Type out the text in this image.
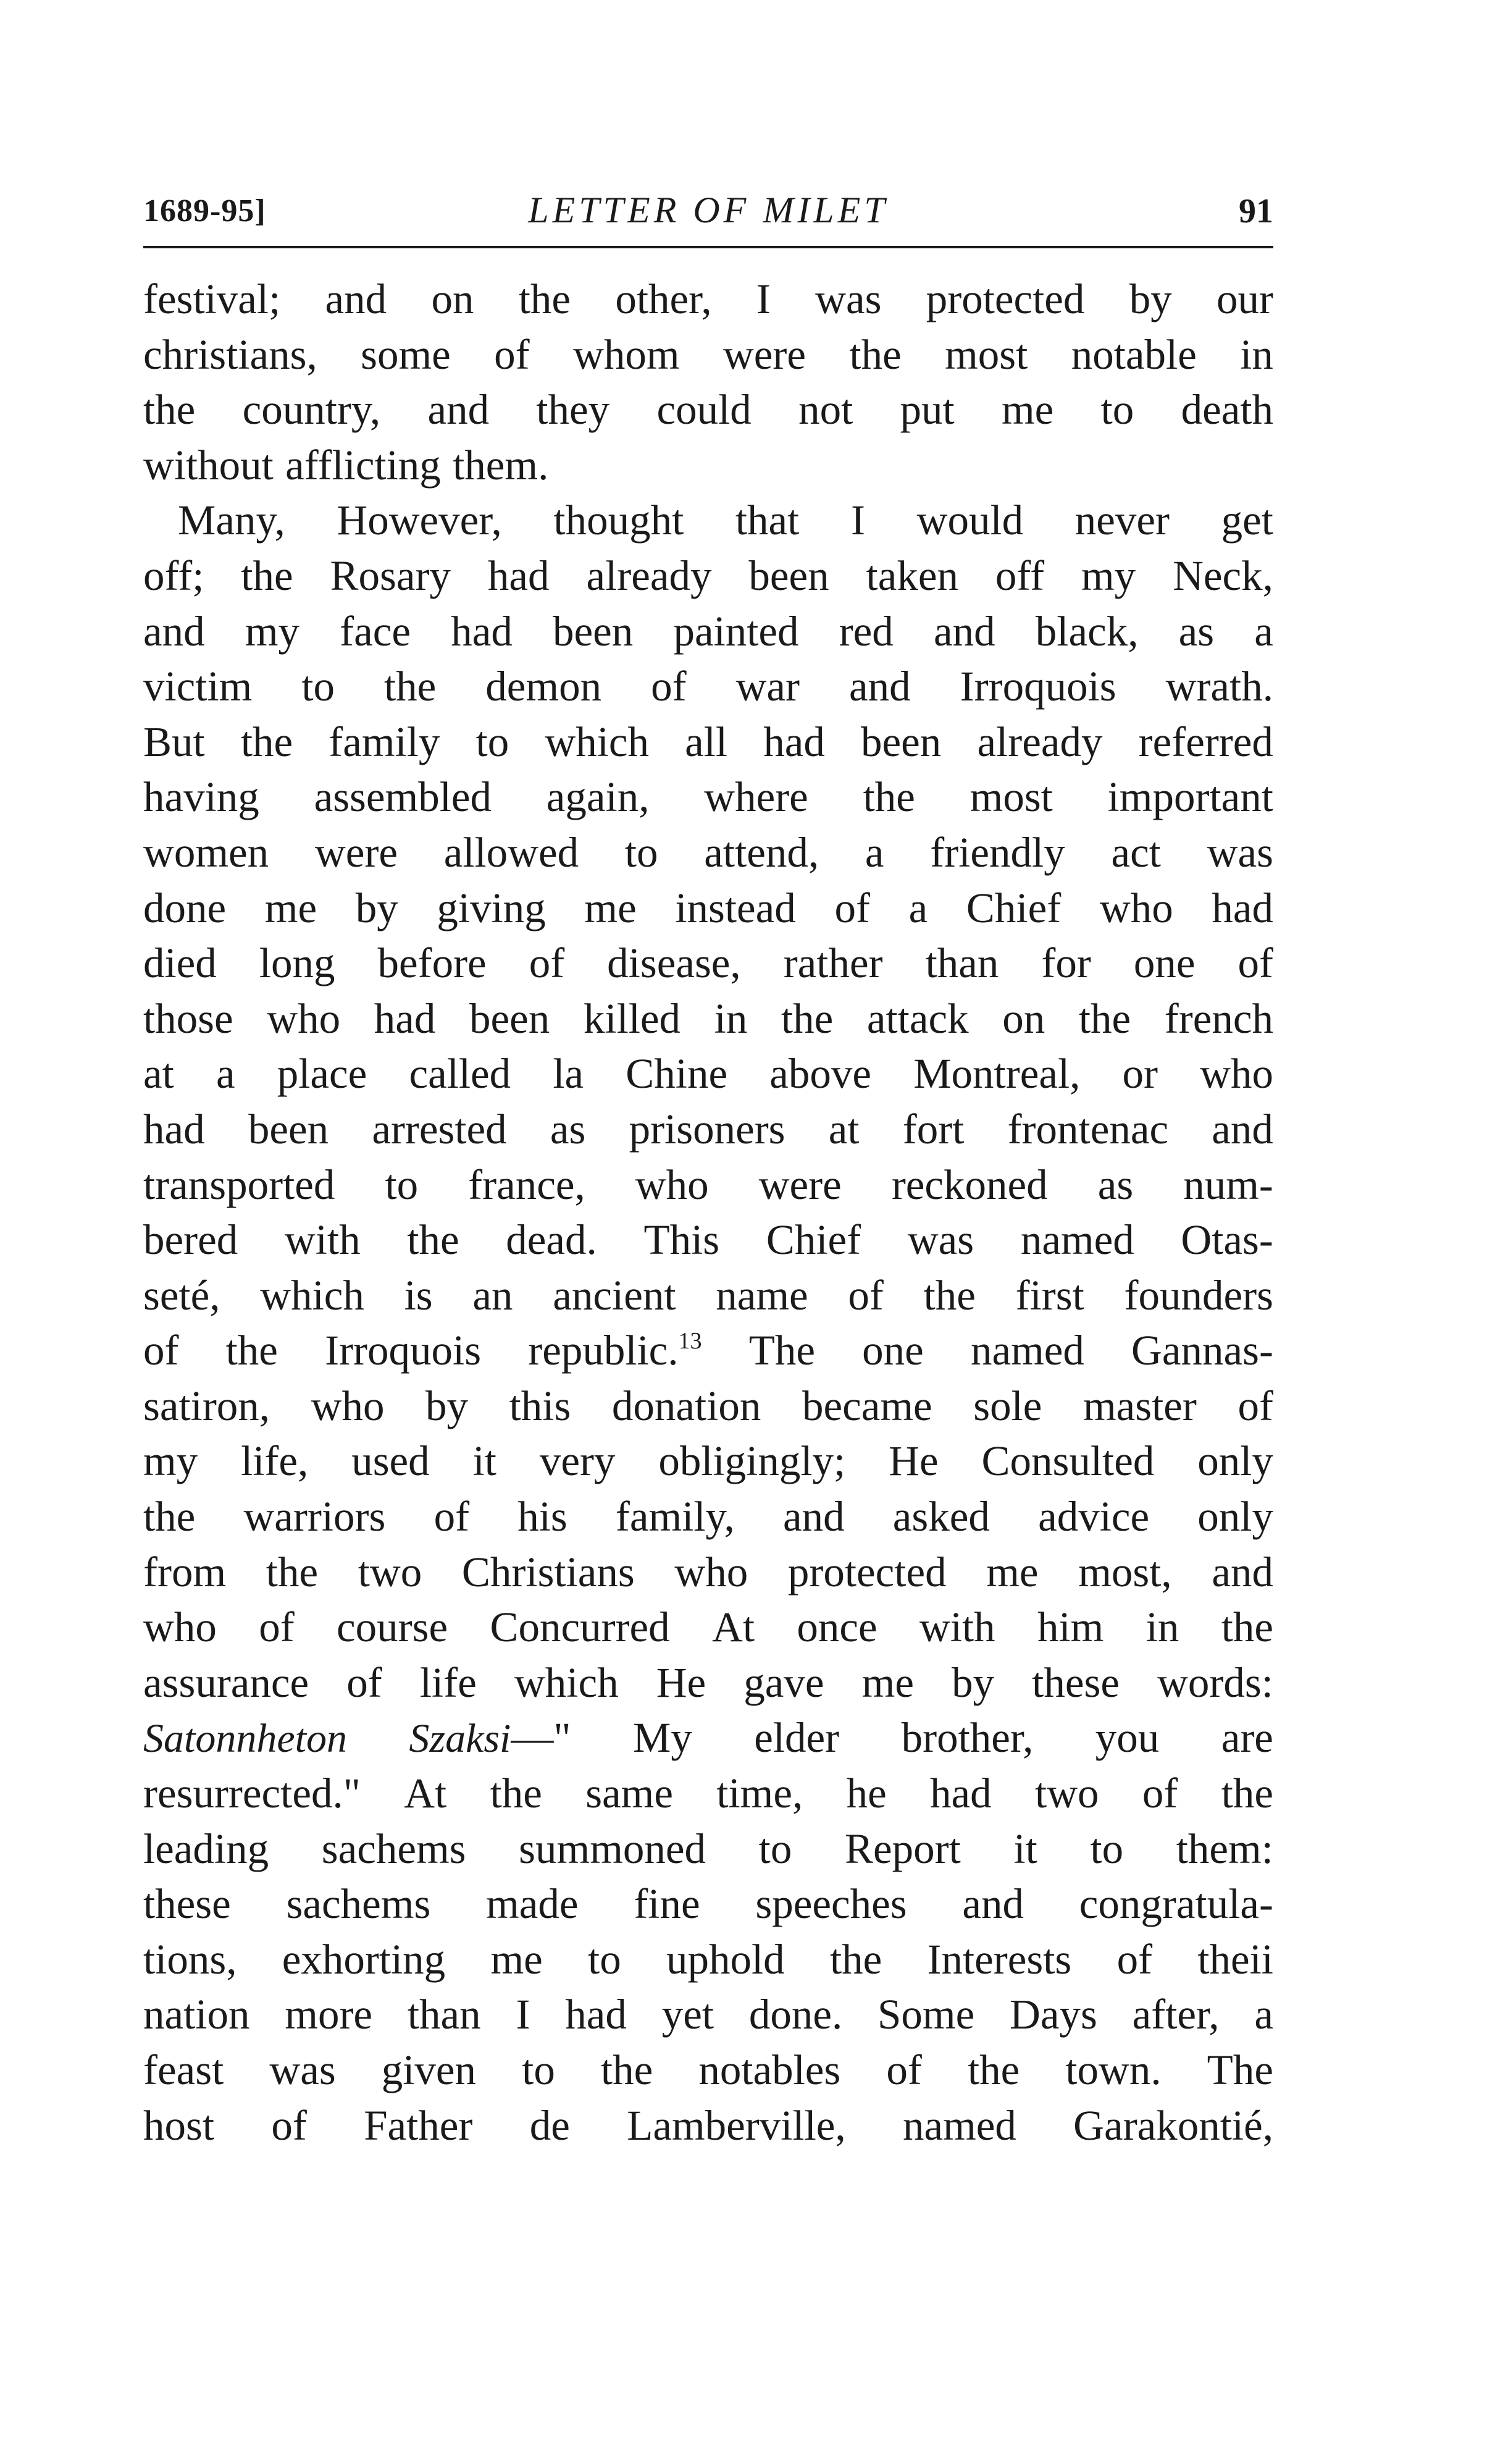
1689-95]	LETTER OF MILET	91
festival; and on the other, I was protected by our
christians, some of whom were the most notable in
the country, and they could not put me to death
without afflicting them.
Many, However, thought that I would never get
off; the Rosary had already been taken off my Neck,
and my face had been painted red and black, as a
victim to the demon of war and Irroquois wrath.
But the family to which all had been already referred
having assembled again, where the most important
women were allowed to attend, a friendly act was
done me by giving me instead of a Chief who had
died long before of disease, rather than for one of
those who had been killed in the attack on the french
at a place called la Chine above Montreal, or who
had been arrested as prisoners at fort frontenac and
transported to france, who were reckoned as num-
bered with the dead. This Chief was named Otas-
seté, which is an ancient name of the first founders
of the Irroquois republic.$^{13}$ The one named Gannas-
satiron, who by this donation became sole master of
my life, used it very obligingly; He Consulted only
the warriors of his family, and asked advice only
from the two Christians who protected me most, and
who of course Concurred At once with him in the
assurance of life which He gave me by these words:
Satonnheton Szaksi—" My elder brother, you are
resurrected." At the same time, he had two of the
leading sachems summoned to Report it to them:
these sachems made fine speeches and congratula-
tions, exhorting me to uphold the Interests of theii
nation more than I had yet done. Some Days after, a
feast was given to the notables of the town. The
host of Father de Lamberville, named Garakontié,
